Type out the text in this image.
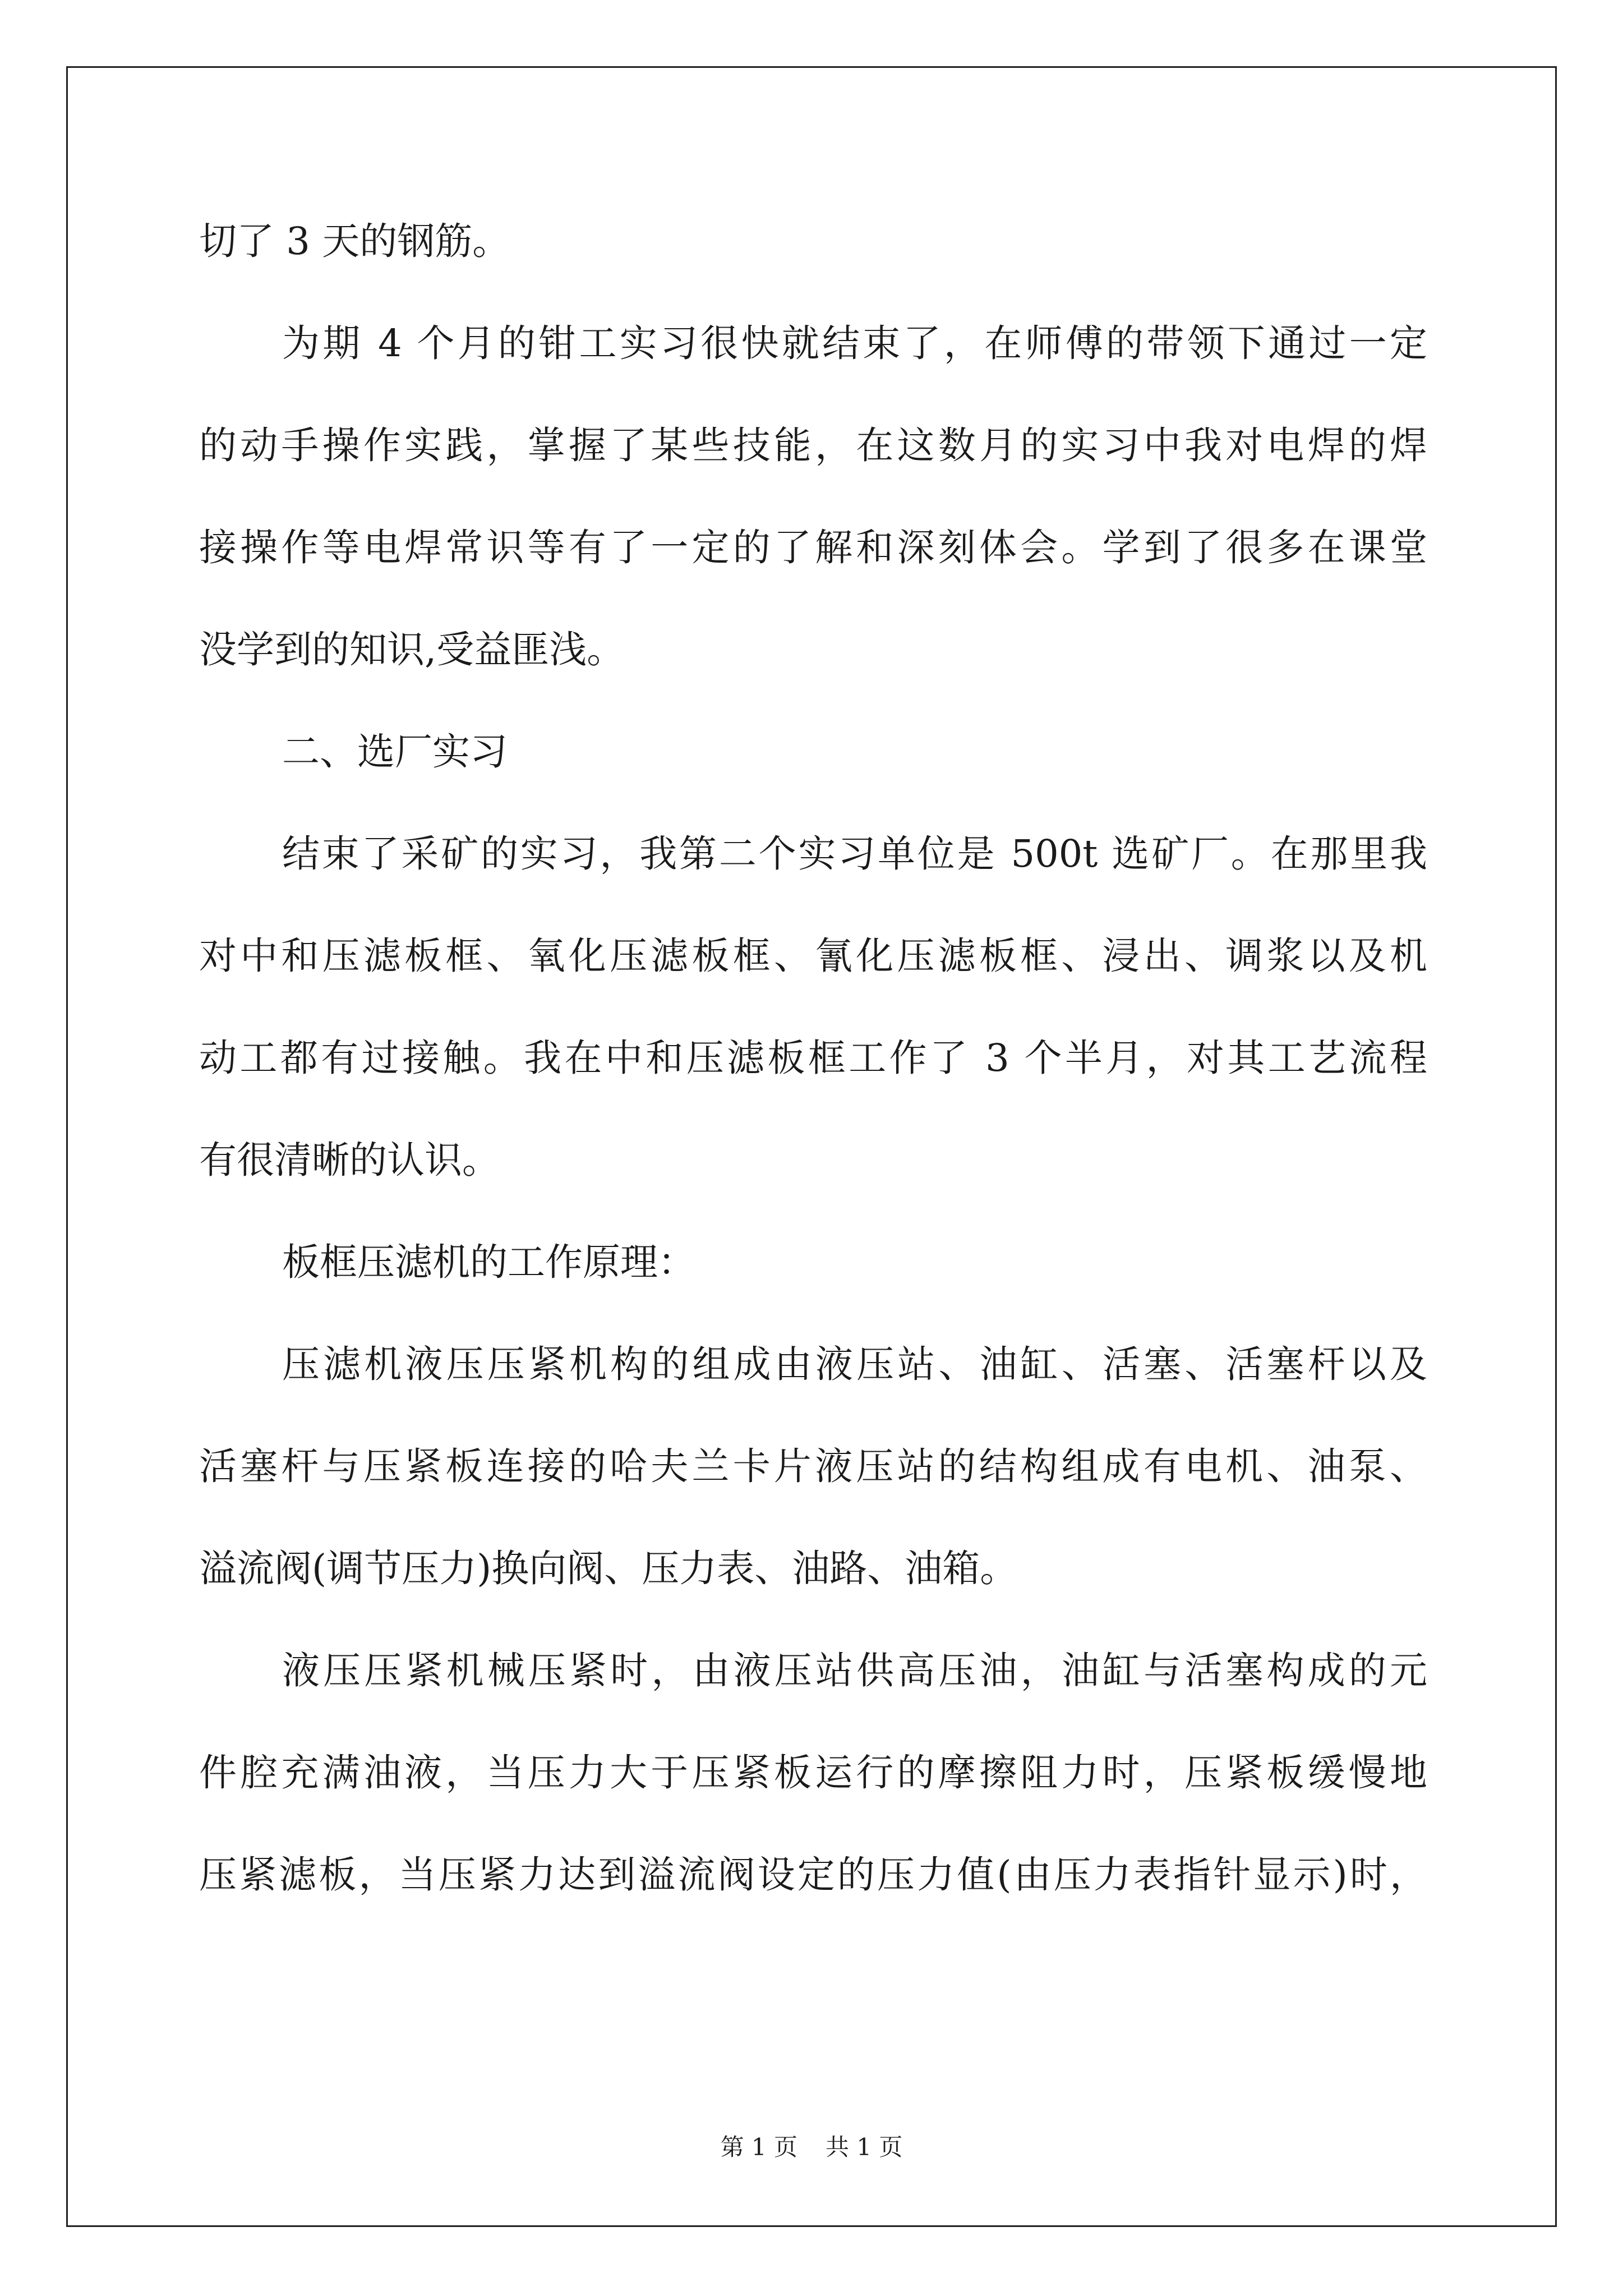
切了 3 天的钢筋。
为期 4 个月的钳工实习很快就结束了，在师傅的带领下通过一定
的动手操作实践，掌握了某些技能，在这数月的实习中我对电焊的焊
接操作等电焊常识等有了一定的了解和深刻体会。学到了很多在课堂
没学到的知识,受益匪浅。
二、选厂实习
结束了采矿的实习，我第二个实习单位是 500t 选矿厂。在那里我
对中和压滤板框、氧化压滤板框、氰化压滤板框、浸出、调浆以及机
动工都有过接触。我在中和压滤板框工作了 3 个半月，对其工艺流程
有很清晰的认识。
板框压滤机的工作原理：
压滤机液压压紧机构的组成由液压站、油缸、活塞、活塞杆以及
活塞杆与压紧板连接的哈夫兰卡片液压站的结构组成有电机、油泵、
溢流阀(调节压力)换向阀、压力表、油路、油箱。
液压压紧机械压紧时，由液压站供高压油，油缸与活塞构成的元
件腔充满油液，当压力大于压紧板运行的摩擦阻力时，压紧板缓慢地
压紧滤板，当压紧力达到溢流阀设定的压力值(由压力表指针显示)时，
第 1 页 共 1 页
